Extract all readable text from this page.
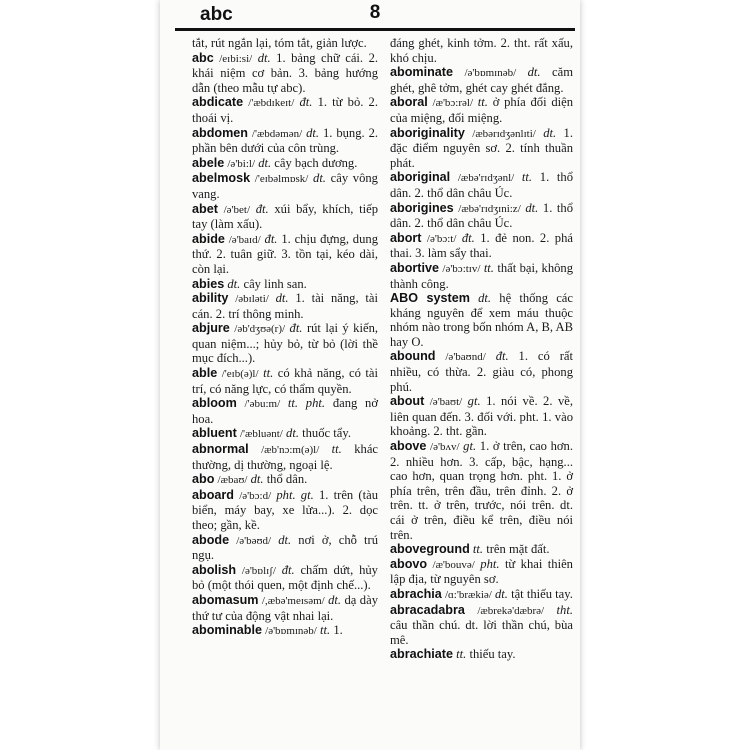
abc	8

tắt, rút ngắn lại, tóm tắt, giản lược.

abc /eɪbi:si/ dt. 1. bảng chữ cái. 2. khái niệm cơ bản. 3. bảng hướng dẫn (theo mẫu tự abc).

abdicate /'æbdɪkeɪt/ đt. 1. từ bỏ. 2. thoái vị.

abdomen /'æbdəmən/ dt. 1. bụng. 2. phần bên dưới của côn trùng.

abele /ə'bi:l/ dt. cây bạch dương.

abelmosk /'eɪbəlmɒsk/ dt. cây vông vang.

abet /ə'bet/ đt. xúi bẩy, khích, tiếp tay (làm xấu).

abide /ə'baɪd/ đt. 1. chịu đựng, dung thứ. 2. tuân giữ. 3. tồn tại, kéo dài, còn lại.

abies dt. cây linh san.

ability /əbɪləti/ dt. 1. tài năng, tài cán. 2. trí thông minh.

abjure /əb'dʒʊə(r)/ đt. rút lại ý kiến, quan niệm...; hủy bỏ, từ bỏ (lời thề mục đích...).

able /'eɪb(ə)l/ tt. có khả năng, có tài trí, có năng lực, có thẩm quyền.

abloom /'əbu:m/ tt. pht. đang nở hoa.

abluent /'æbluənt/ dt. thuốc tẩy.

abnormal /æb'nɔ:m(ə)l/ tt. khác thường, dị thường, ngoại lệ.

abo /æbaʊ/ dt. thổ dân.

aboard /ə'bɔ:d/ pht. gt. 1. trên (tàu biển, máy bay, xe lửa...). 2. dọc theo; gần, kề.

abode /ə'bəʊd/ dt. nơi ở, chỗ trú ngụ.

abolish /ə'bɒlɪʃ/ đt. chấm dứt, hủy bỏ (một thói quen, một định chế...).

abomasum /,æbə'meɪsəm/ dt. dạ dày thứ tư của động vật nhai lại.

abominable /ə'bɒmɪnəb/ tt. 1.

đáng ghét, kinh tởm. 2. tht. rất xấu, khó chịu.

abominate /ə'bɒmɪnəb/ dt. căm ghét, ghê tởm, ghét cay ghét đắng.

aboral /æ'bɔ:rəl/ tt. ở phía đối diện của miệng, đối miệng.

aboriginality /æbərɪdʒənlɪti/ dt. 1. đặc điểm nguyên sơ. 2. tính thuần phát.

aboriginal /æbə'rɪdʒənl/ tt. 1. thổ dân. 2. thổ dân châu Úc.

aborigines /æbə'rɪdʒɪni:z/ dt. 1. thổ dân. 2. thổ dân châu Úc.

abort /ə'bɔ:t/ đt. 1. đẻ non. 2. phá thai. 3. làm sẩy thai.

abortive /ə'bɔ:tɪv/ tt. thất bại, không thành công.

ABO system dt. hệ thống các kháng nguyên để xem máu thuộc nhóm nào trong bốn nhóm A, B, AB hay O.

abound /ə'baʊnd/ đt. 1. có rất nhiều, có thừa. 2. giàu có, phong phú.

about /ə'baʊt/ gt. 1. nói về. 2. về, liên quan đến. 3. đối với. pht. 1. vào khoảng. 2. tht. gần.

above /ə'bʌv/ gt. 1. ở trên, cao hơn. 2. nhiều hơn. 3. cấp, bậc, hạng... cao hơn, quan trọng hơn. pht. 1. ở phía trên, trên đầu, trên đỉnh. 2. ở trên. tt. ở trên, trước, nói trên. dt. cái ở trên, điều kể trên, điều nói trên.

aboveground tt. trên mặt đất.

abovo /æ'bouvə/ pht. từ khai thiên lập địa, từ nguyên sơ.

abrachia /ɑ:'brækiə/ dt. tật thiếu tay.

abracadabra /æbrekə'dæbrə/ tht. câu thần chú. dt. lời thần chú, bùa mê.

abrachiate tt. thiếu tay.
